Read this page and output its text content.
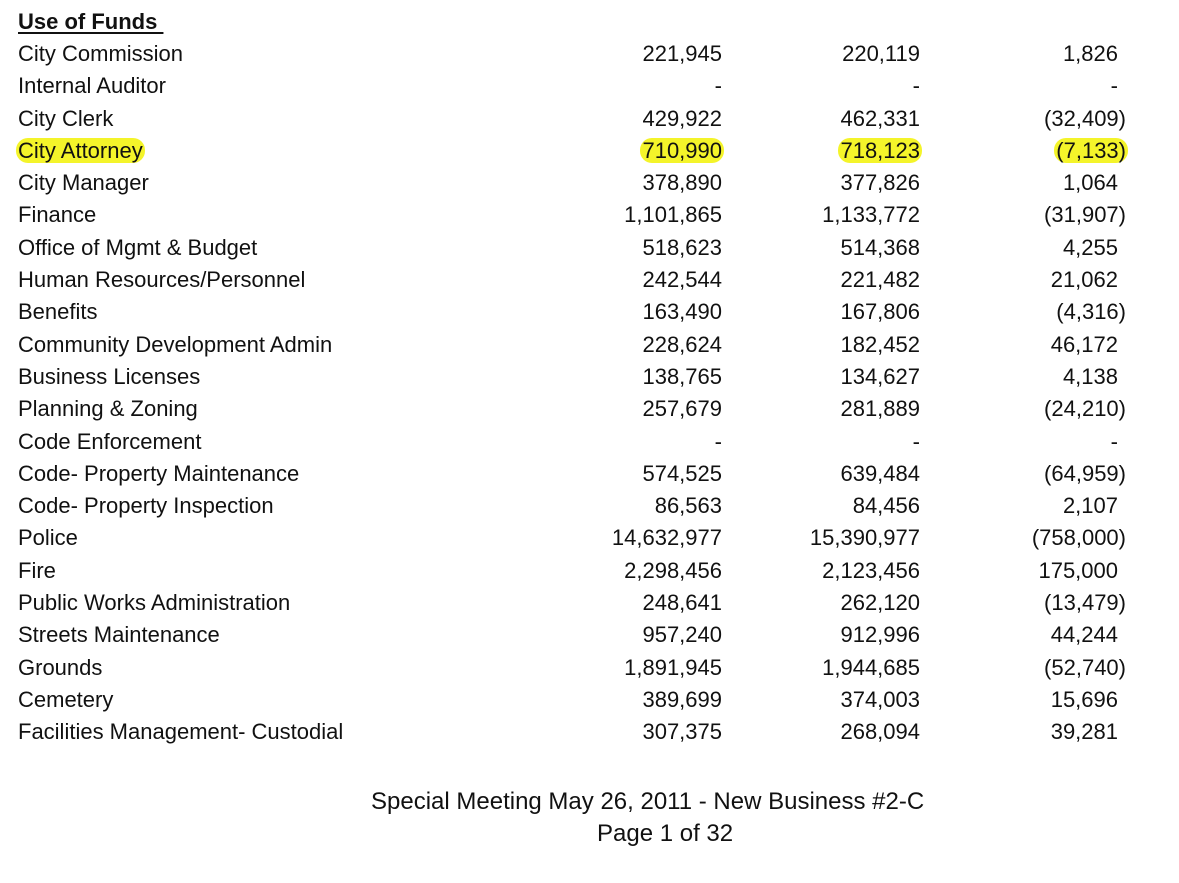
Use of Funds
City Commission	221,945	220,119	1,826
Internal Auditor	-	-	-
City Clerk	429,922	462,331	(32,409)
City Attorney	710,990	718,123	(7,133)
City Manager	378,890	377,826	1,064
Finance	1,101,865	1,133,772	(31,907)
Office of Mgmt & Budget	518,623	514,368	4,255
Human Resources/Personnel	242,544	221,482	21,062
Benefits	163,490	167,806	(4,316)
Community Development Admin	228,624	182,452	46,172
Business Licenses	138,765	134,627	4,138
Planning & Zoning	257,679	281,889	(24,210)
Code Enforcement	-	-	-
Code- Property Maintenance	574,525	639,484	(64,959)
Code- Property Inspection	86,563	84,456	2,107
Police	14,632,977	15,390,977	(758,000)
Fire	2,298,456	2,123,456	175,000
Public Works Administration	248,641	262,120	(13,479)
Streets Maintenance	957,240	912,996	44,244
Grounds	1,891,945	1,944,685	(52,740)
Cemetery	389,699	374,003	15,696
Facilities Management- Custodial	307,375	268,094	39,281
Special Meeting May 26, 2011 - New Business #2-C
Page 1 of 32
